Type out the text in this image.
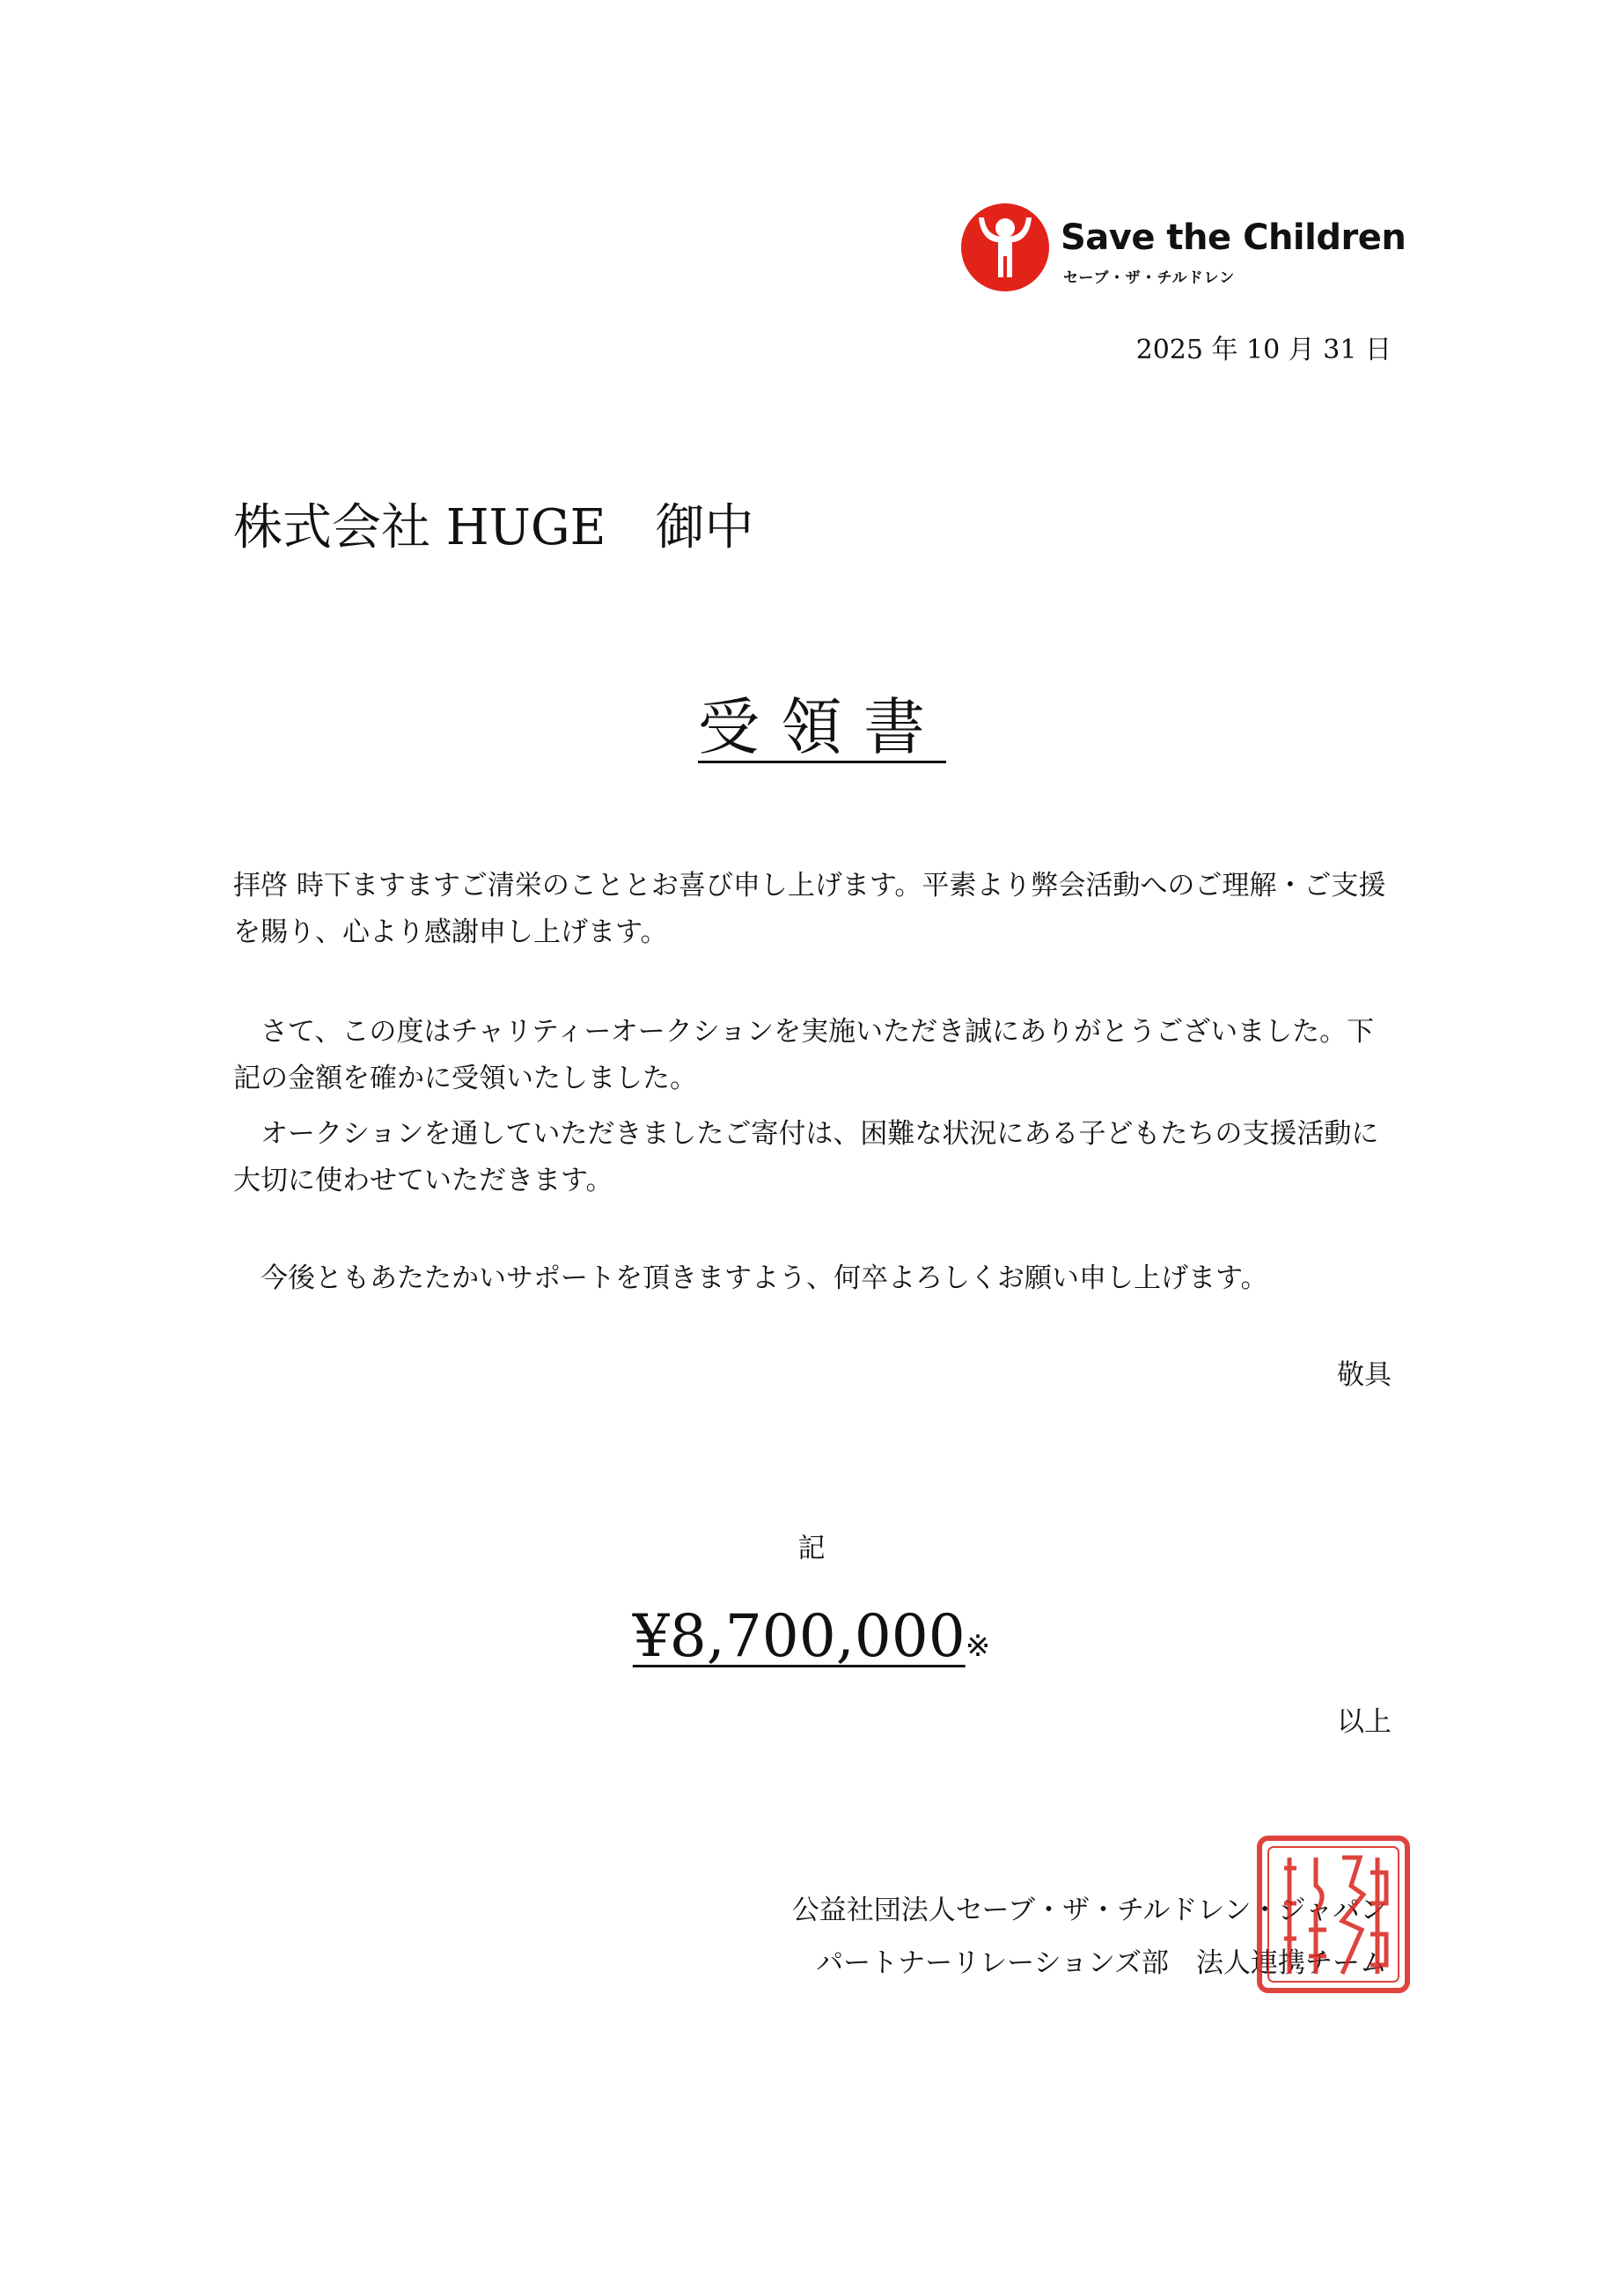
Save the Children
セーブ・ザ・チルドレン
2025 年 10 月 31 日
株式会社 HUGE　御中
受領書

拝啓 時下ますますご清栄のこととお喜び申し上げます。平素より弊会活動へのご理解・ご支援を賜り、心より感謝申し上げます。

　さて、この度はチャリティーオークションを実施いただき誠にありがとうございました。下記の金額を確かに受領いたしました。

　オークションを通していただきましたご寄付は、困難な状況にある子どもたちの支援活動に大切に使わせていただきます。

　今後ともあたたかいサポートを頂きますよう、何卒よろしくお願い申し上げます。

敬具
記
¥8,700,000※
以上
公益社団法人セーブ・ザ・チルドレン・ジャパン
パートナーリレーションズ部　法人連携チーム
